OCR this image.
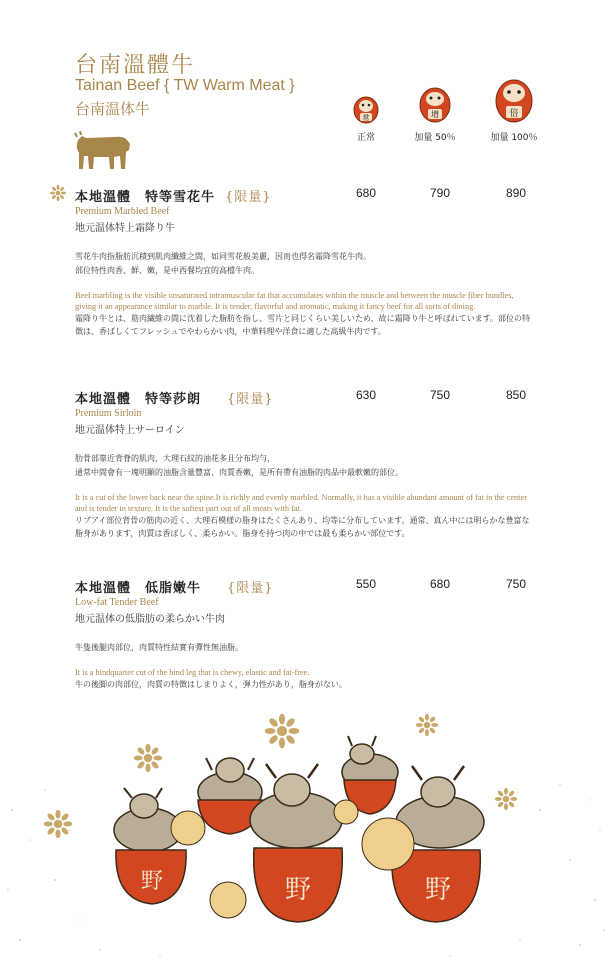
台南溫體牛
Tainan Beef { TW Warm Meat }
台南温体牛	常	增	倍
正常	加量 50％	加量 100％
本地溫體　特等雪花牛 {限量}
Premium Marbled Beef
地元温体特上霜降り牛
雪花牛肉指脂肪沉積到肌肉纖維之間，如同雪花般美麗，因而也得名霜降雪花牛肉。
部位特性肉香、鮮、嫩，是中西餐均宜的高檔牛肉。
Beef marbling is the visible unsaturated intramuscular fat that accumulates within the muscle and between the muscle fiber bundles, giving it an appearance similar to marble. It is tender, flavorful and aromatic, making it fancy beef for all sorts of dining.
霜降り牛とは、筋肉繊維の間に沈着した脂肪を指し、雪片と同じくらい美しいため、故に霜降り牛と呼ばれています。部位の特徴は、香ばしくてフレッシュでやわらかい肉，中華料理や洋食に適した高級牛肉です。
680	790	890
本地溫體　特等莎朗 {限量}
Premium Sirloin
地元温体特上サーロイン
肋骨部靠近背脊的肌肉，大理石紋的油花多且分布均勻，
通常中間會有一塊明顯的油脂含量豐富、肉質香嫩，是所有帶有油脂的肉品中最軟嫩的部位。
It is a cut of the lower back near the spine.It is richly and evenly marbled. Normally, it has a visible abundant amount of fat in the center and is tender in texture. It is the softest part out of all meats with fat.
リブアイ部位背骨の筋肉の近く、大理石模様の脂身はたくさんあり、均等に分布しています。通常、真ん中には明らかな豊富な脂身があります，肉質は香ばしく、柔らかい。脂身を持つ肉の中では最も柔らかい部位です。
630	750	850
本地溫體　低脂嫩牛 {限量}
Low-fat Tender Beef
地元温体の低脂肪の柔らかい牛肉
牛隻後腿肉部位，肉質特性結實有彈性無油脂。
It is a hindquarter cut of the hind leg that is chewy, elastic and fat-free.
牛の後脚の肉部位，肉質の特徴はしまりよく，弾力性があり，脂身がない。
550	680	750
野	野	野
